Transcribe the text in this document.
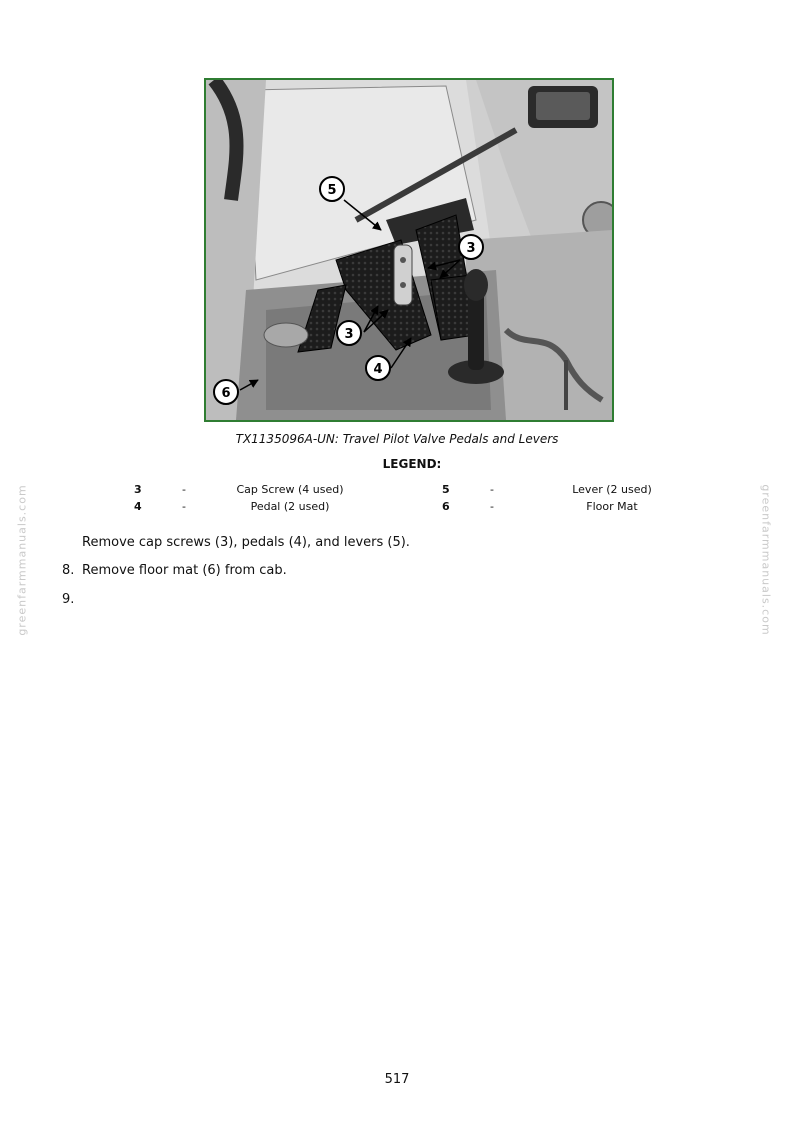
greenfarmmanuals.com	greenfarmmanuals.com
5
3
3
4
6
TX1135096A-UN: Travel Pilot Valve Pedals and Levers
LEGEND:
3	-	Cap Screw (4 used)	5	-	Lever (2 used)
4	-	Pedal (2 used)	6	-	Floor Mat
Remove cap screws (3), pedals (4), and levers (5).
8. Remove floor mat (6) from cab.
9.
517
